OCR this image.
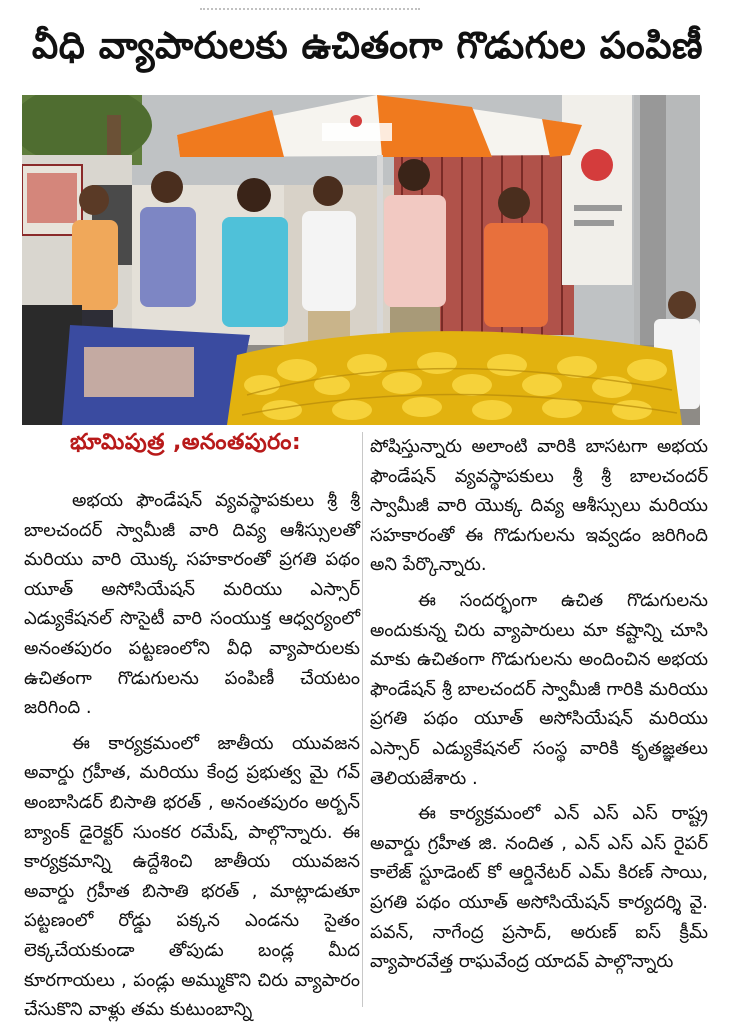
వీధి వ్యాపారులకు ఉచితంగా గొడుగుల పంపిణీ
భూమిపుత్ర ,అనంతపురం:

అభయ ఫౌండేషన్ వ్యవస్థాపకులు శ్రీ శ్రీ బాలచందర్ స్వామీజీ వారి దివ్య ఆశీస్సులతో మరియు వారి యొక్క సహకారంతో ప్రగతి పథం యూత్ అసోసియేషన్ మరియు ఎస్సార్ ఎడ్యుకేషనల్ సొసైటీ వారి సంయుక్త ఆధ్వర్యంలో అనంతపురం పట్టణంలోని వీధి వ్యాపారులకు ఉచితంగా గొడుగులను పంపిణీ చేయటం జరిగింది .

ఈ కార్యక్రమంలో జాతీయ యువజన అవార్డు గ్రహీత, మరియు కేంద్ర ప్రభుత్వ మై గవ్ అంబాసిడర్ బిసాతి భరత్ , అనంతపురం అర్బన్ బ్యాంక్ డైరెక్టర్ సుంకర రమేష్, పాల్గొన్నారు. ఈ కార్యక్రమాన్ని ఉద్దేశించి జాతీయ యువజన అవార్డు గ్రహీత బిసాతి భరత్ , మాట్లాడుతూ పట్టణంలో రోడ్డు పక్కన ఎండను సైతం లెక్కచేయకుండా తోపుడు బండ్ల మీద కూరగాయలు , పండ్లు అమ్ముకొని చిరు వ్యాపారం చేసుకొని వాళ్లు తమ కుటుంబాన్ని

పోషిస్తున్నారు అలాంటి వారికి బాసటగా అభయ ఫౌండేషన్ వ్యవస్థాపకులు శ్రీ శ్రీ బాలచందర్ స్వామీజీ వారి యొక్క దివ్య ఆశీస్సులు మరియు సహకారంతో ఈ గొడుగులను ఇవ్వడం జరిగింది అని పేర్కొన్నారు.

ఈ సందర్భంగా ఉచిత గొడుగులను అందుకున్న చిరు వ్యాపారులు మా కష్టాన్ని చూసి మాకు ఉచితంగా గొడుగులను అందించిన అభయ ఫౌండేషన్ శ్రీ బాలచందర్ స్వామీజీ గారికి మరియు ప్రగతి పథం యూత్ అసోసియేషన్ మరియు ఎస్సార్ ఎడ్యుకేషనల్ సంస్థ వారికి కృతజ్ఞతలు తెలియజేశారు .

ఈ కార్యక్రమంలో ఎన్ ఎస్ ఎస్ రాష్ట్ర అవార్డు గ్రహీత జి. నందిత , ఎన్ ఎస్ ఎస్ రైపర్ కాలేజ్ స్టూడెంట్ కో ఆర్డినేటర్ ఎమ్ కిరణ్ సాయి, ప్రగతి పథం యూత్ అసోసియేషన్ కార్యదర్శి వై. పవన్, నాగేంద్ర ప్రసాద్, అరుణ్ ఐస్ క్రీమ్ వ్యాపారవేత్త రాఘవేంద్ర యాదవ్ పాల్గొన్నారు
